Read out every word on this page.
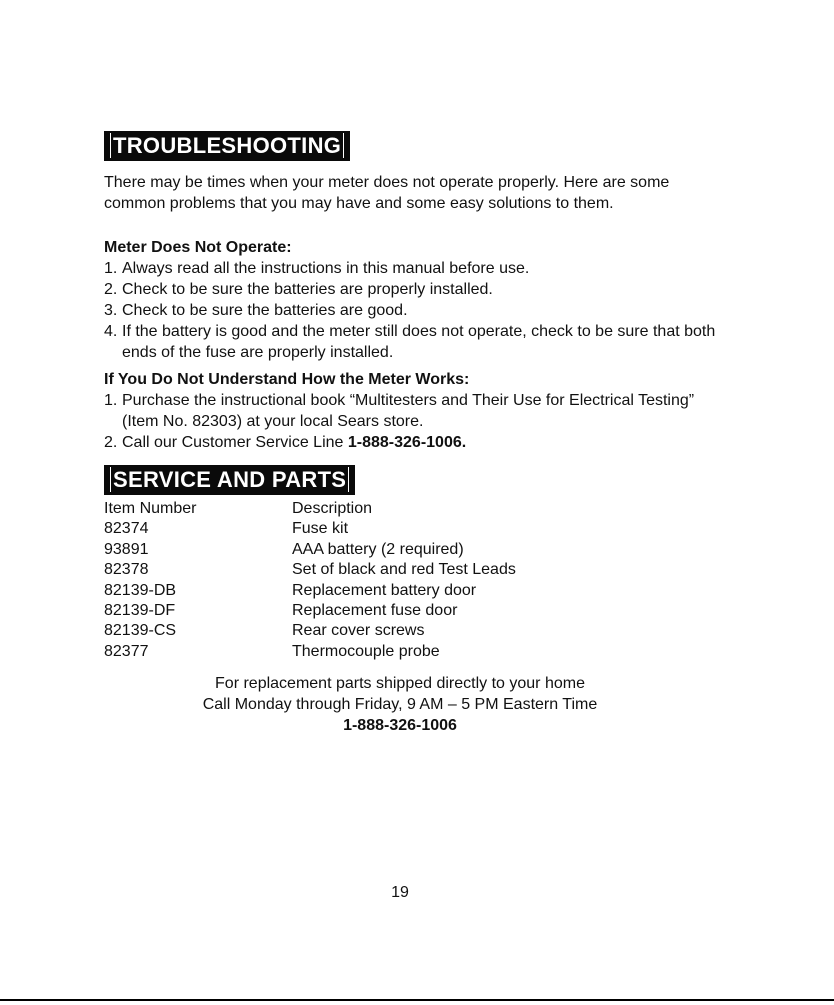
TROUBLESHOOTING
There may be times when your meter does not operate properly. Here are some common problems that you may have and some easy solutions to them.
Meter Does Not Operate:
1. Always read all the instructions in this manual before use.
2. Check to be sure the batteries are properly installed.
3. Check to be sure the batteries are good.
4. If the battery is good and the meter still does not operate, check to be sure that both ends of the fuse are properly installed.
If You Do Not Understand How the Meter Works:
1. Purchase the instructional book “Multitesters and Their Use for Electrical Testing” (Item No. 82303) at your local Sears store.
2. Call our Customer Service Line 1-888-326-1006.
SERVICE AND PARTS
Item Number	Description
82374	Fuse kit
93891	AAA battery (2 required)
82378	Set of black and red Test Leads
82139-DB	Replacement battery door
82139-DF	Replacement fuse door
82139-CS	Rear cover screws
82377	Thermocouple probe
For replacement parts shipped directly to your home
Call Monday through Friday, 9 AM – 5 PM Eastern Time
1-888-326-1006
19
